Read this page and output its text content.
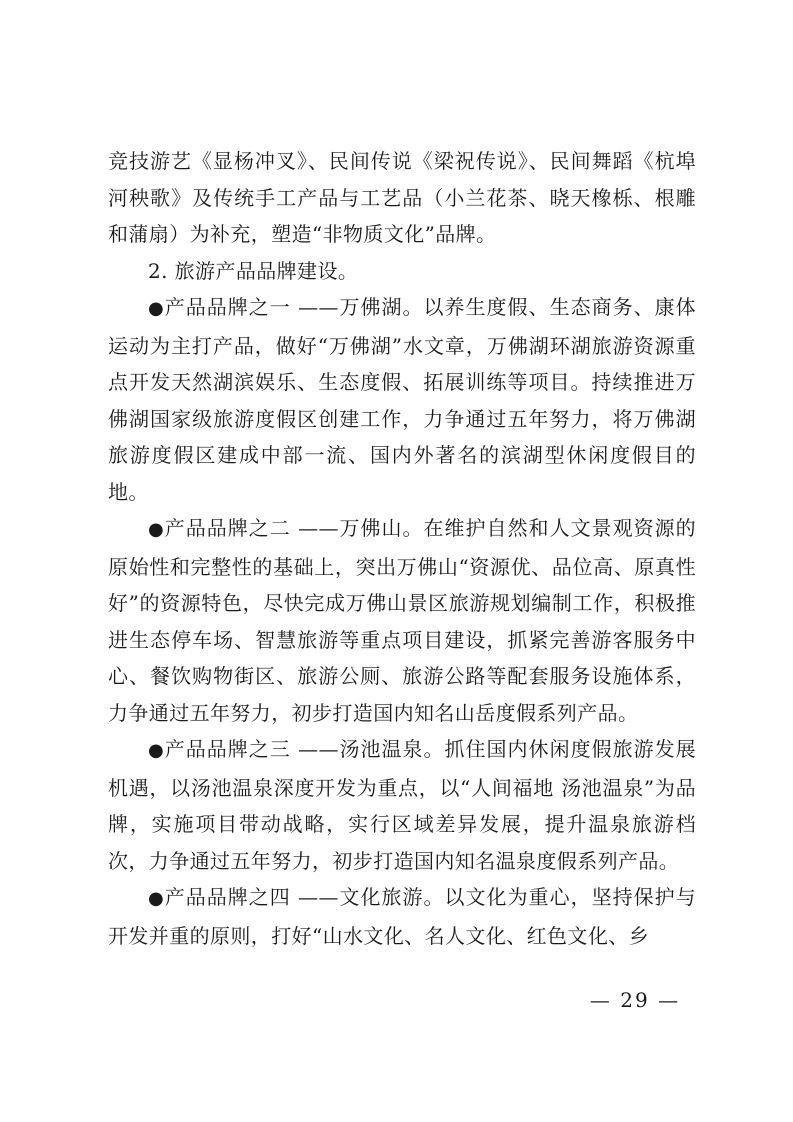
竞技游艺《显杨冲叉》、民间传说《梁祝传说》、民间舞蹈《杭埠河秧歌》及传统手工产品与工艺品（小兰花茶、晓天橡栎、根雕和蒲扇）为补充，塑造“非物质文化”品牌。

2. 旅游产品品牌建设。

●产品品牌之一 ——万佛湖。以养生度假、生态商务、康体运动为主打产品，做好“万佛湖”水文章，万佛湖环湖旅游资源重点开发天然湖滨娱乐、生态度假、拓展训练等项目。持续推进万佛湖国家级旅游度假区创建工作，力争通过五年努力，将万佛湖旅游度假区建成中部一流、国内外著名的滨湖型休闲度假目的地。

●产品品牌之二 ——万佛山。在维护自然和人文景观资源的原始性和完整性的基础上，突出万佛山“资源优、品位高、原真性好”的资源特色，尽快完成万佛山景区旅游规划编制工作，积极推进生态停车场、智慧旅游等重点项目建设，抓紧完善游客服务中心、餐饮购物街区、旅游公厕、旅游公路等配套服务设施体系，力争通过五年努力，初步打造国内知名山岳度假系列产品。

●产品品牌之三 ——汤池温泉。抓住国内休闲度假旅游发展机遇，以汤池温泉深度开发为重点，以“人间福地 汤池温泉”为品牌，实施项目带动战略，实行区域差异发展，提升温泉旅游档次，力争通过五年努力，初步打造国内知名温泉度假系列产品。

●产品品牌之四 ——文化旅游。以文化为重心，坚持保护与开发并重的原则，打好“山水文化、名人文化、红色文化、乡

— 29 —
